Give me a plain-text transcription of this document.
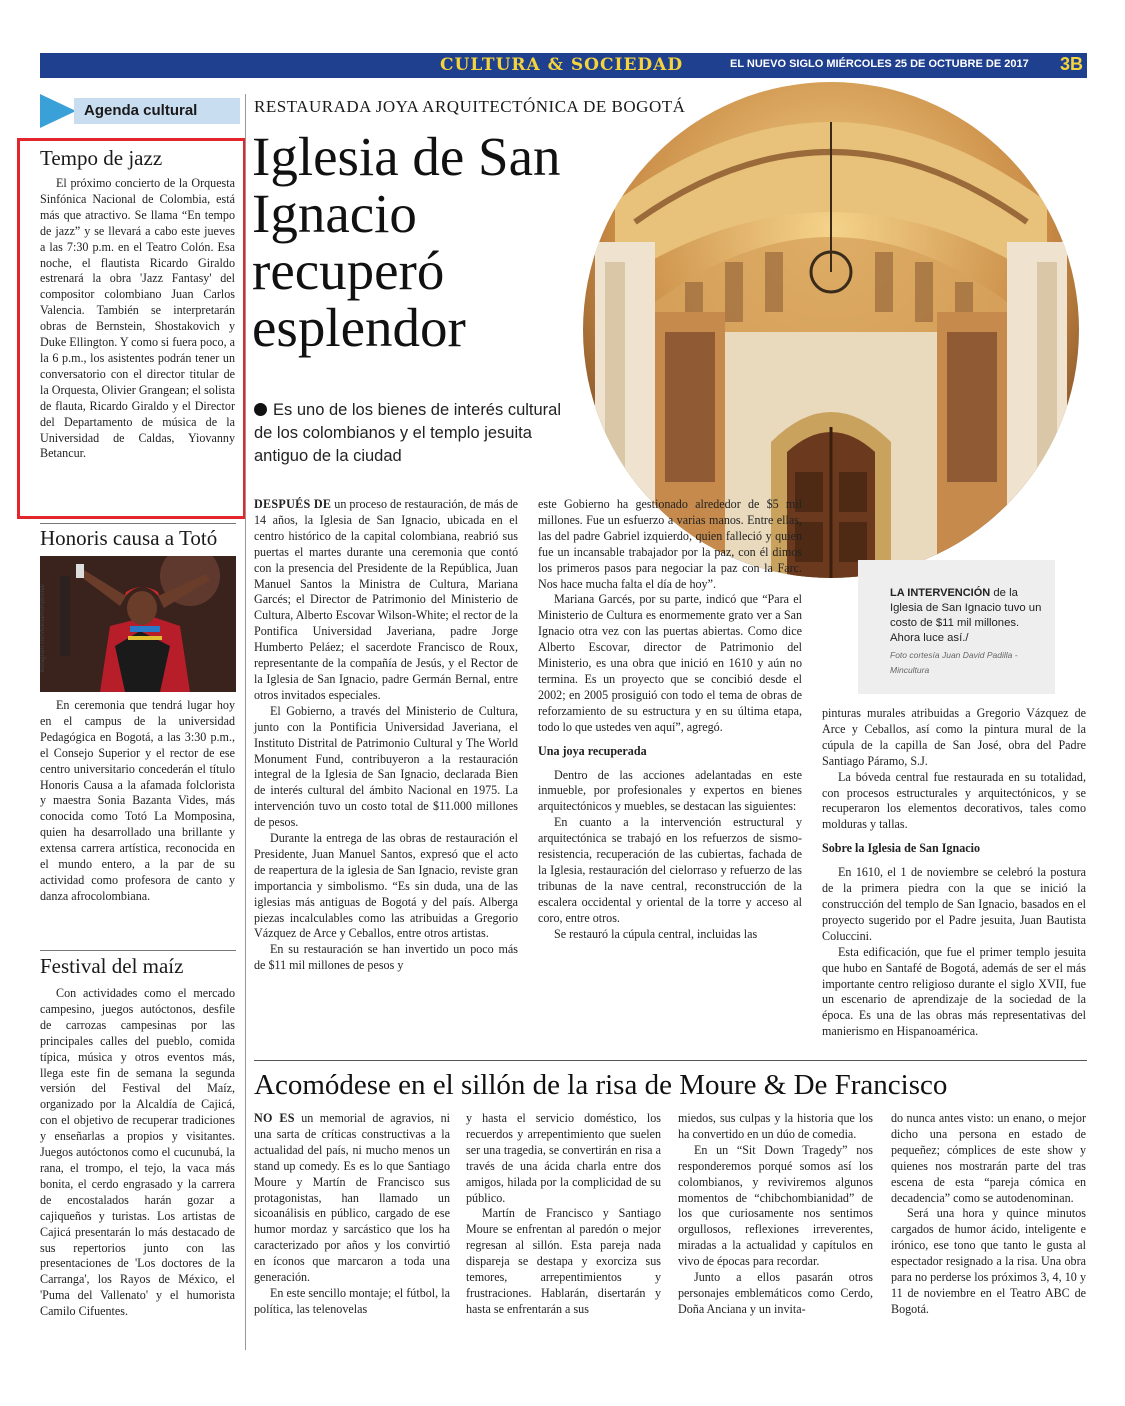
CULTURA & SOCIEDAD	EL NUEVO SIGLO MIÉRCOLES 25 DE OCTUBRE DE 2017 3B
Agenda cultural
Tempo de jazz
El próximo concierto de la Orquesta Sinfónica Nacional de Colombia, está más que atractivo. Se llama “En tempo de jazz” y se llevará a cabo este jueves a las 7:30 p.m. en el Teatro Colón. Esa noche, el flautista Ricardo Giraldo estrenará la obra 'Jazz Fantasy' del compositor colombiano Juan Carlos Valencia. También se interpretarán obras de Bernstein, Shostakovich y Duke Ellington. Y como si fuera poco, a la 6 p.m., los asistentes podrán tener un conversatorio con el director titular de la Orquesta, Olivier Grangean; el solista de flauta, Ricardo Giraldo y el Director del Departamento de música de la Universidad de Caldas, Yiovanny Betancur.
Honoris causa a Totó
instagram.com/totolamomposina/
En ceremonia que tendrá lugar hoy en el campus de la universidad Pedagógica en Bogotá, a las 3:30 p.m., el Consejo Superior y el rector de ese centro universitario concederán el título Honoris Causa a la afamada folclorista y maestra Sonia Bazanta Vides, más conocida como Totó La Momposina, quien ha desarrollado una brillante y extensa carrera artística, reconocida en el mundo entero, a la par de su actividad como profesora de canto y danza afrocolombiana.
Festival del maíz
Con actividades como el mercado campesino, juegos autóctonos, desfile de carrozas campesinas por las principales calles del pueblo, comida típica, música y otros eventos más, llega este fin de semana la segunda versión del Festival del Maíz, organizado por la Alcaldía de Cajicá, con el objetivo de recuperar tradiciones y enseñarlas a propios y visitantes. Juegos autóctonos como el cucunubá, la rana, el trompo, el tejo, la vaca más bonita, el cerdo engrasado y la carrera de encostalados harán gozar a cajiqueños y turistas. Los artistas de Cajicá presentarán lo más destacado de sus repertorios junto con las presentaciones de 'Los doctores de la Carranga', los Rayos de México, el 'Puma del Vallenato' y el humorista Camilo Cifuentes.
RESTAURADA JOYA ARQUITECTÓNICA DE BOGOTÁ
Iglesia de San Ignacio recuperó esplendor
Es uno de los bienes de interés cultural de los colombianos y el templo jesuita antiguo de la ciudad
LA INTERVENCIÓN de la Iglesia de San Ignacio tuvo un costo de $11 mil millones. Ahora luce así./
Foto cortesía Juan David Padilla - Mincultura

DESPUÉS DE un proceso de restauración, de más de 14 años, la Iglesia de San Ignacio, ubicada en el centro histórico de la capital colombiana, reabrió sus puertas el martes durante una ceremonia que contó con la presencia del Presidente de la República, Juan Manuel Santos la Ministra de Cultura, Mariana Garcés; el Director de Patrimonio del Ministerio de Cultura, Alberto Escovar Wilson-White; el rector de la Pontifica Universidad Javeriana, padre Jorge Humberto Peláez; el sacerdote Francisco de Roux, representante de la compañía de Jesús, y el Rector de la Iglesia de San Ignacio, padre Germán Bernal, entre otros invitados especiales.

El Gobierno, a través del Ministerio de Cultura, junto con la Pontificia Universidad Javeriana, el Instituto Distrital de Patrimonio Cultural y The World Monument Fund, contribuyeron a la restauración integral de la Iglesia de San Ignacio, declarada Bien de interés cultural del ámbito Nacional en 1975. La intervención tuvo un costo total de $11.000 millones de pesos.

Durante la entrega de las obras de restauración el Presidente, Juan Manuel Santos, expresó que el acto de reapertura de la iglesia de San Ignacio, reviste gran importancia y simbolismo. “Es sin duda, una de las iglesias más antiguas de Bogotá y del país. Alberga piezas incalculables como las atribuidas a Gregorio Vázquez de Arce y Ceballos, entre otros artistas.

En su restauración se han invertido un poco más de $11 mil millones de pesos y

este Gobierno ha gestionado alrededor de $5 mil millones. Fue un esfuerzo a varias manos. Entre ellas, las del padre Gabriel izquierdo, quien falleció y quien fue un incansable trabajador por la paz, con él dimos los primeros pasos para negociar la paz con la Farc. Nos hace mucha falta el día de hoy”.

Mariana Garcés, por su parte, indicó que “Para el Ministerio de Cultura es enormemente grato ver a San Ignacio otra vez con las puertas abiertas. Como dice Alberto Escovar, director de Patrimonio del Ministerio, es una obra que inició en 1610 y aún no termina. Es un proyecto que se concibió desde el 2002; en 2005 prosiguió con todo el tema de obras de reforzamiento de su estructura y en su última etapa, todo lo que ustedes ven aquí”, agregó.

Una joya recuperada

Dentro de las acciones adelantadas en este inmueble, por profesionales y expertos en bienes arquitectónicos y muebles, se destacan las siguientes:

En cuanto a la intervención estructural y arquitectónica se trabajó en los refuerzos de sismo-resistencia, recuperación de las cubiertas, fachada de la Iglesia, restauración del cielorraso y refuerzo de las tribunas de la nave central, reconstrucción de la escalera occidental y oriental de la torre y acceso al coro, entre otros.

Se restauró la cúpula central, incluidas las

pinturas murales atribuidas a Gregorio Vázquez de Arce y Ceballos, así como la pintura mural de la cúpula de la capilla de San José, obra del Padre Santiago Páramo, S.J.

La bóveda central fue restaurada en su totalidad, con procesos estructurales y arquitectónicos, y se recuperaron los elementos decorativos, tales como molduras y tallas.

Sobre la Iglesia de San Ignacio

En 1610, el 1 de noviembre se celebró la postura de la primera piedra con la que se inició la construcción del templo de San Ignacio, basados en el proyecto sugerido por el Padre jesuita, Juan Bautista Coluccini.

Esta edificación, que fue el primer templo jesuita que hubo en Santafé de Bogotá, además de ser el más importante centro religioso durante el siglo XVII, fue un escenario de aprendizaje de la sociedad de la época. Es una de las obras más representativas del manierismo en Hispanoamérica.

Acomódese en el sillón de la risa de Moure & De Francisco

NO ES un memorial de agravios, ni una sarta de críticas constructivas a la actualidad del país, ni mucho menos un stand up comedy. Es es lo que Santiago Moure y Martín de Francisco sus protagonistas, han llamado un sicoanálisis en público, cargado de ese humor mordaz y sarcástico que los ha caracterizado por años y los convirtió en íconos que marcaron a toda una generación.

En este sencillo montaje; el fútbol, la política, las telenovelas

y hasta el servicio doméstico, los recuerdos y arrepentimiento que suelen ser una tragedia, se convertirán en risa a través de una ácida charla entre dos amigos, hilada por la complicidad de su público.

Martín de Francisco y Santiago Moure se enfrentan al paredón o mejor regresan al sillón. Esta pareja nada dispareja se destapa y exorciza sus temores, arrepentimientos y frustraciones. Hablarán, disertarán y hasta se enfrentarán a sus

miedos, sus culpas y la historia que los ha convertido en un dúo de comedia.

En un “Sit Down Tragedy” nos responderemos porqué somos así los colombianos, y reviviremos algunos momentos de “chibchombianidad” de los que curiosamente nos sentimos orgullosos, reflexiones irreverentes, miradas a la actualidad y capítulos en vivo de épocas para recordar.

Junto a ellos pasarán otros personajes emblemáticos como Cerdo, Doña Anciana y un invita-

do nunca antes visto: un enano, o mejor dicho una persona en estado de pequeñez; cómplices de este show y quienes nos mostrarán parte del tras escena de esta “pareja cómica en decadencia” como se autodenominan.

Será una hora y quince minutos cargados de humor ácido, inteligente e irónico, ese tono que tanto le gusta al espectador resignado a la risa. Una obra para no perderse los próximos 3, 4, 10 y 11 de noviembre en el Teatro ABC de Bogotá.
